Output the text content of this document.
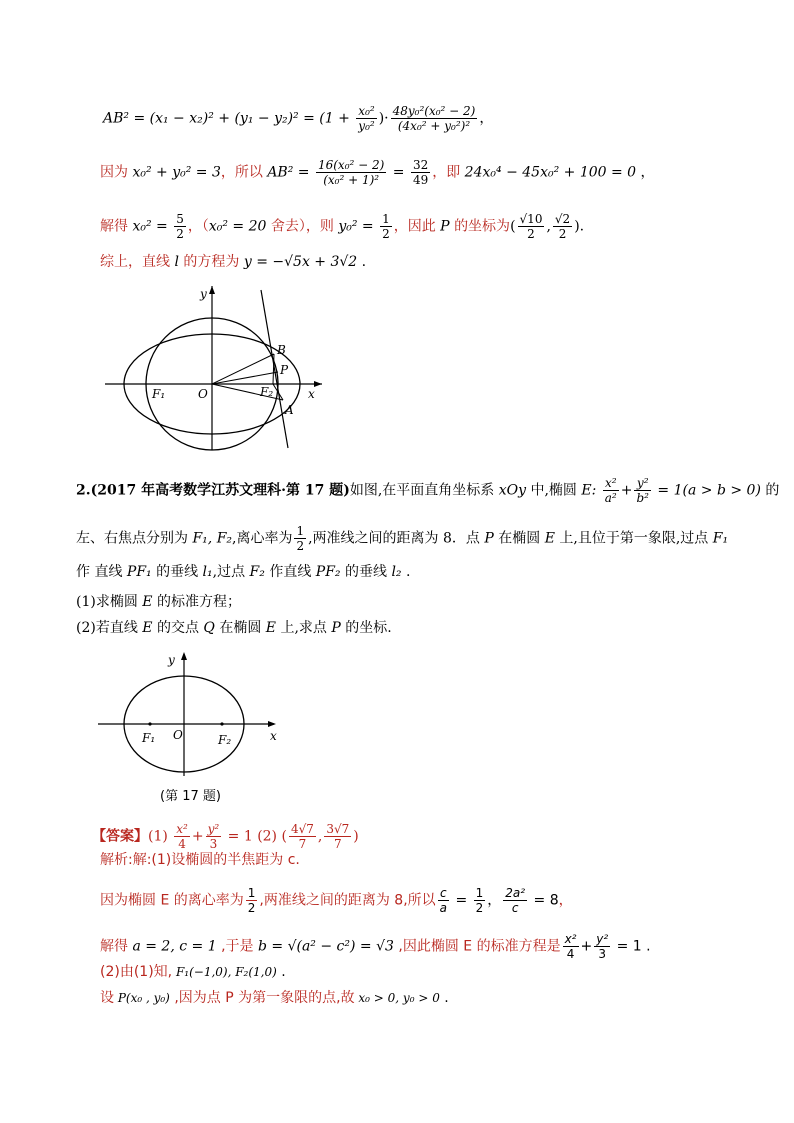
$AB^2 = (x_1 - x_2)^2 + (y_1 - y_2)^2 = (1 + \frac{\text{x₀²}}{\text{y₀²}}$ )· $\frac{\text{48y₀²(x₀² − 2)}}{\text{(4x₀² + y₀²)²}}$ ，
因为 x₀² + y₀² = 3，所以 $AB^2 = \frac{\text{16(x₀² − 2)}}{\text{(x₀² + 1)²}} = \frac{32}{49}$ ，即 24x₀⁴ − 45x₀² + 100 = 0 ，
解得 $x_0^2 = \frac{5}{2}$ ，（x₀² = 20 舍去），则 $y_0^2 = \frac{1}{2}$ ，因此 P 的坐标为( $\frac{√10}{2}$ , $\frac{√2}{2}$ ).
综上，直线 l 的方程为 y = −√5x + 3√2 .
y
x
O
F₁	F₂
B
P
A
2.(2017 年高考数学江苏文理科·第 17 题)如图,在平面直角坐标系 xOy 中,椭圆 E: $\frac{\text{x²}}{\text{a²}} + \frac{\text{y²}}{\text{b²}} = 1(a > b > 0)$ 的
左、右焦点分别为 F₁, F₂,离心率为 $\frac{1}{2}$ ,两准线之间的距离为 8．点 P 在椭圆 E 上,且位于第一象限,过点 F₁
作 直线 PF₁ 的垂线 l₁,过点 F₂ 作直线 PF₂ 的垂线 l₂ .
(1)求椭圆 E 的标准方程；
(2)若直线 E 的交点 Q 在椭圆 E 上,求点 P 的坐标.
y
x
O
F₁	F₂
(第 17 题)
【答案】$(1) \frac{\text{x²}}{4} + \frac{\text{y²}}{3} = 1$ (2) ( $\frac{4√7}{7}$ , $\frac{3√7}{7}$ )
解析:解:(1)设椭圆的半焦距为 c.
因为椭圆 E 的离心率为 $\frac{1}{2}$ ,两准线之间的距离为 8,所以 $\frac{c}{a} = \frac{1}{2}$ ， $\frac{\text{2a²}}{c} = 8$，
解得 a = 2, c = 1 ,于是 b = √(a² − c²) = √3 ,因此椭圆 E 的标准方程是 $\frac{\text{x²}}{4} + \frac{\text{y²}}{3} = 1$ .
(2)由(1)知, F₁(−1,0), F₂(1,0) .
设 P(x₀ , y₀) ,因为点 P 为第一象限的点,故 x₀ > 0, y₀ > 0 .
